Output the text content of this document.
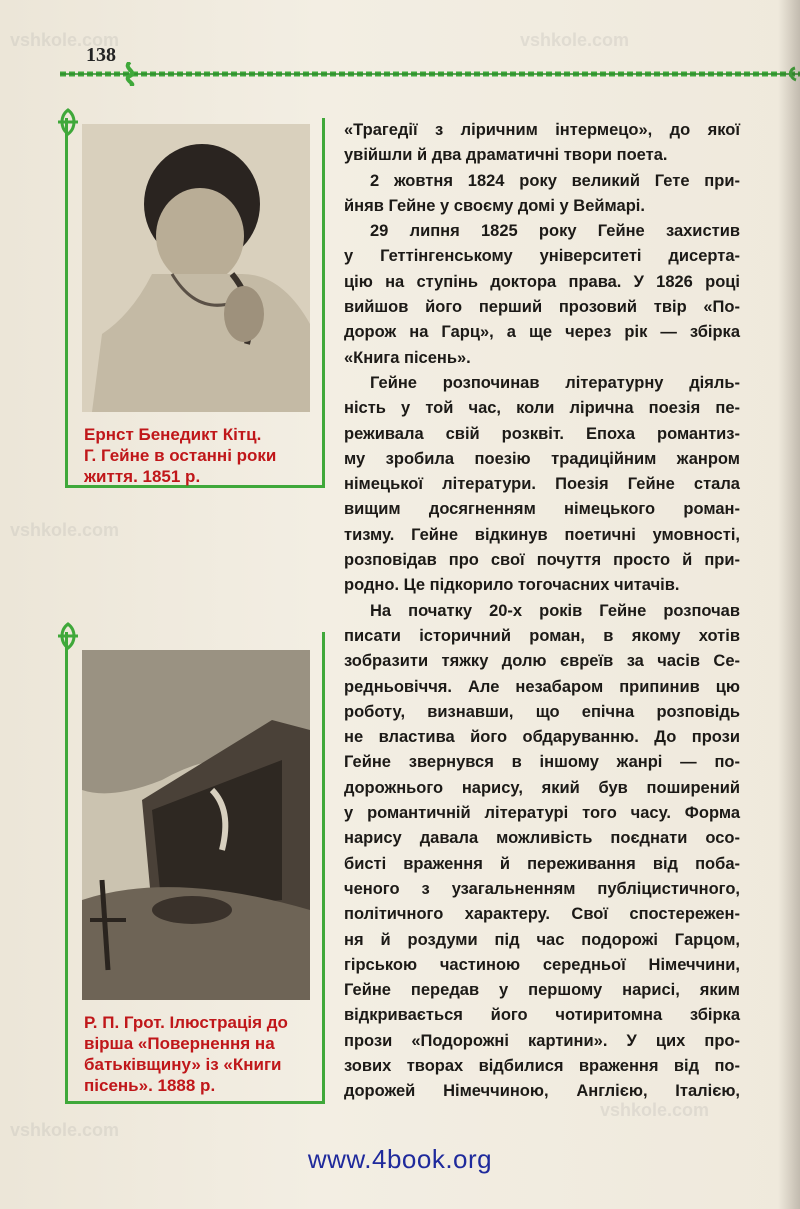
138
Ернст Бенедикт Кітц.
Г. Гейне в останні роки
життя. 1851 р.
Р. П. Грот. Ілюстрація до
вірша «Повернення на
батьківщину» із «Книги
пісень». 1888 р.
«Трагедії з ліричним інтермецо», до якої
увійшли й два драматичні твори поета.
2 жовтня 1824 року великий Гете при-
йняв Гейне у своєму домі у Веймарі.
29 липня 1825 року Гейне захистив
у Геттінгенському університеті дисерта-
цію на ступінь доктора права. У 1826 році
вийшов його перший прозовий твір «По-
дорож на Гарц», а ще через рік — збірка
«Книга пісень».
Гейне розпочинав літературну діяль-
ність у той час, коли лірична поезія пе-
реживала свій розквіт. Епоха романтиз-
му зробила поезію традиційним жанром
німецької літератури. Поезія Гейне стала
вищим досягненням німецького роман-
тизму. Гейне відкинув поетичні умовності,
розповідав про свої почуття просто й при-
родно. Це підкорило тогочасних читачів.
На початку 20-х років Гейне розпочав
писати історичний роман, в якому хотів
зобразити тяжку долю євреїв за часів Се-
редньовіччя. Але незабаром припинив цю
роботу, визнавши, що епічна розповідь
не властива його обдаруванню. До прози
Гейне звернувся в іншому жанрі — по-
дорожнього нарису, який був поширений
у романтичній літературі того часу. Форма
нарису давала можливість поєднати осо-
бисті враження й переживання від поба-
ченого з узагальненням публіцистичного,
політичного характеру. Свої спостережен-
ня й роздуми під час подорожі Гарцом,
гірською частиною середньої Німеччини,
Гейне передав у першому нарисі, яким
відкривається його чотиритомна збірка
прози «Подорожні картини». У цих про-
зових творах відбилися враження від по-
дорожей Німеччиною, Англією, Італією,
vshkole.com	vshkole.com
vshkole.com
vshkole.com
vshkole.com
www.4book.org
